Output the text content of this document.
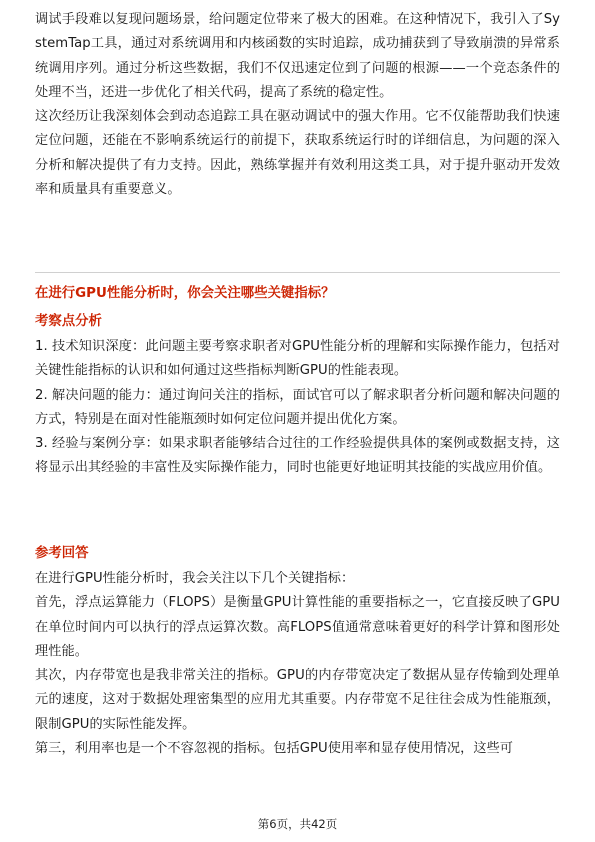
调试手段难以复现问题场景，给问题定位带来了极大的困难。在这种情况下，我引入了SystemTap工具，通过对系统调用和内核函数的实时追踪，成功捕获到了导致崩溃的异常系统调用序列。通过分析这些数据，我们不仅迅速定位到了问题的根源——一个竞态条件的处理不当，还进一步优化了相关代码，提高了系统的稳定性。

这次经历让我深刻体会到动态追踪工具在驱动调试中的强大作用。它不仅能帮助我们快速定位问题，还能在不影响系统运行的前提下，获取系统运行时的详细信息，为问题的深入分析和解决提供了有力支持。因此，熟练掌握并有效利用这类工具，对于提升驱动开发效率和质量具有重要意义。

在进行GPU性能分析时，你会关注哪些关键指标？

考察点分析

1. 技术知识深度：此问题主要考察求职者对GPU性能分析的理解和实际操作能力，包括对关键性能指标的认识和如何通过这些指标判断GPU的性能表现。

2. 解决问题的能力：通过询问关注的指标，面试官可以了解求职者分析问题和解决问题的方式，特别是在面对性能瓶颈时如何定位问题并提出优化方案。

3. 经验与案例分享：如果求职者能够结合过往的工作经验提供具体的案例或数据支持，这将显示出其经验的丰富性及实际操作能力，同时也能更好地证明其技能的实战应用价值。

参考回答

在进行GPU性能分析时，我会关注以下几个关键指标：

首先，浮点运算能力（FLOPS）是衡量GPU计算性能的重要指标之一，它直接反映了GPU在单位时间内可以执行的浮点运算次数。高FLOPS值通常意味着更好的科学计算和图形处理性能。

其次，内存带宽也是我非常关注的指标。GPU的内存带宽决定了数据从显存传输到处理单元的速度，这对于数据处理密集型的应用尤其重要。内存带宽不足往往会成为性能瓶颈，限制GPU的实际性能发挥。

第三，利用率也是一个不容忽视的指标。包括GPU使用率和显存使用情况，这些可

第6页，共42页
